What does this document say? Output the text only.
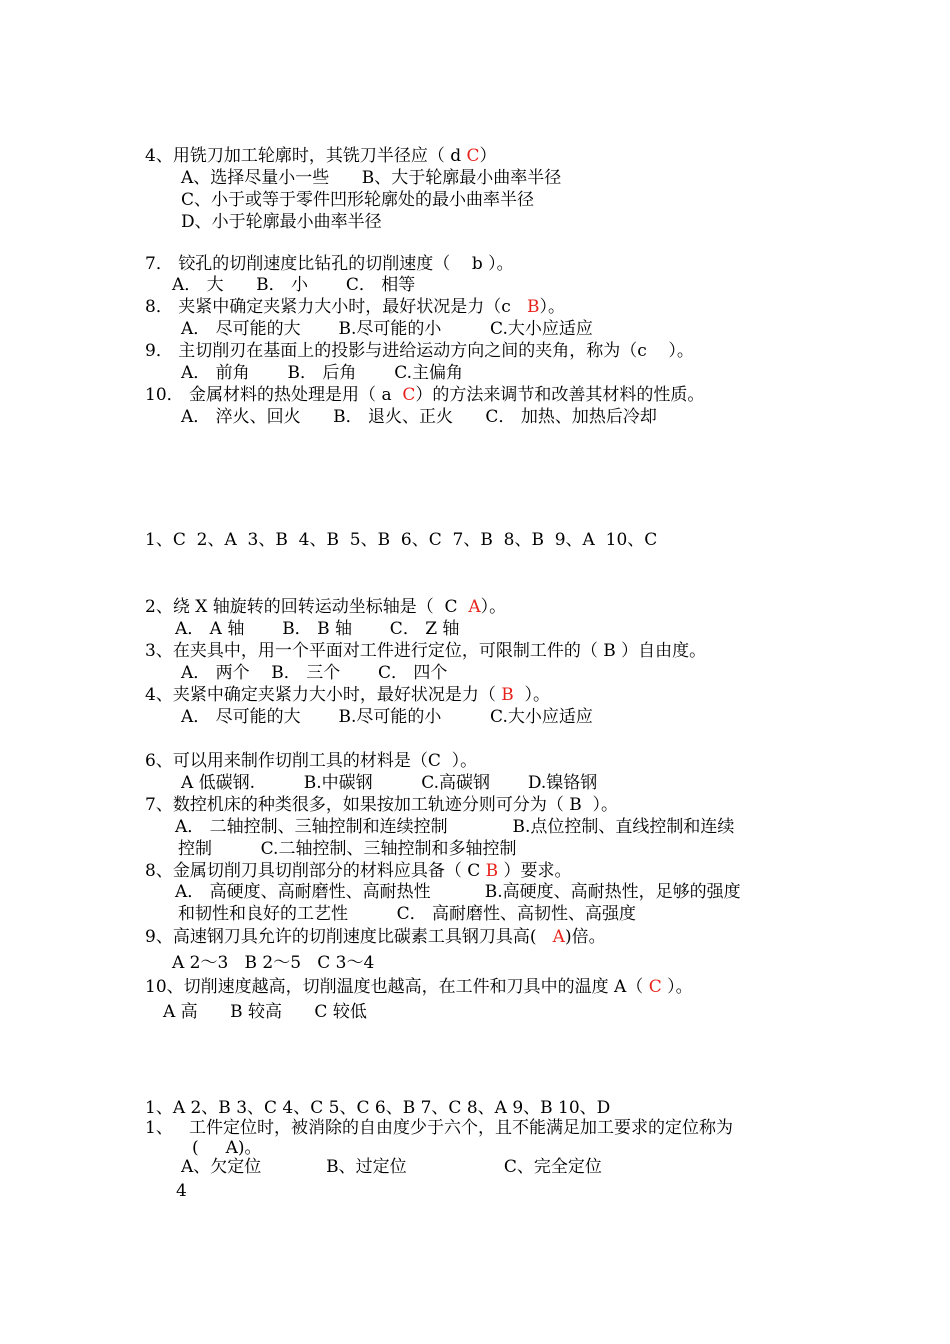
4、用铣刀加工轮廓时，其铣刀半径应（ d C）
A、选择尽量小一些      B、大于轮廓最小曲率半径
C、小于或等于零件凹形轮廓处的最小曲率半径
D、小于轮廓最小曲率半径
7． 铰孔的切削速度比钻孔的切削速度（    b ）。
A． 大      B． 小       C． 相等
8． 夹紧中确定夹紧力大小时，最好状况是力（c   B）。
A． 尽可能的大       B.尽可能的小         C.大小应适应
9． 主切削刃在基面上的投影与进给运动方向之间的夹角，称为（c    ）。
A． 前角       B． 后角       C.主偏角
10． 金属材料的热处理是用（ a  C）的方法来调节和改善其材料的性质。
A． 淬火、回火      B． 退火、正火      C． 加热、加热后冷却
1、C  2、A  3、B  4、B  5、B  6、C  7、B  8、B  9、A  10、C
2、绕 X 轴旋转的回转运动坐标轴是（  C  A）。
A． A 轴       B． B 轴       C． Z 轴
3、在夹具中，用一个平面对工件进行定位，可限制工件的（ B ）自由度。
A． 两个    B． 三个       C． 四个
4、夹紧中确定夹紧力大小时，最好状况是力（ B  ）。
A． 尽可能的大       B.尽可能的小         C.大小应适应
6、可以用来制作切削工具的材料是（C  ）。
A 低碳钢.         B.中碳钢         C.高碳钢       D.镍铬钢
7、数控机床的种类很多，如果按加工轨迹分则可分为（ B  ）。
A． 二轴控制、三轴控制和连续控制            B.点位控制、直线控制和连续
控制         C.二轴控制、三轴控制和多轴控制
8、金属切削刀具切削部分的材料应具备（ C B ）要求。
A． 高硬度、高耐磨性、高耐热性          B.高硬度、高耐热性，足够的强度
和韧性和良好的工艺性         C． 高耐磨性、高韧性、高强度
9、高速钢刀具允许的切削速度比碳素工具钢刀具高(   A)倍。
A 2～3   B 2～5   C 3～4
10、切削速度越高，切削温度也越高，在工件和刀具中的温度 A（ C ）。
A 高      B 较高      C 较低
1、A 2、B 3、C 4、C 5、C 6、B 7、C 8、A 9、B 10、D
1、   工件定位时，被消除的自由度少于六个，且不能满足加工要求的定位称为
(     A)。
A、欠定位            B、过定位                  C、完全定位
4
